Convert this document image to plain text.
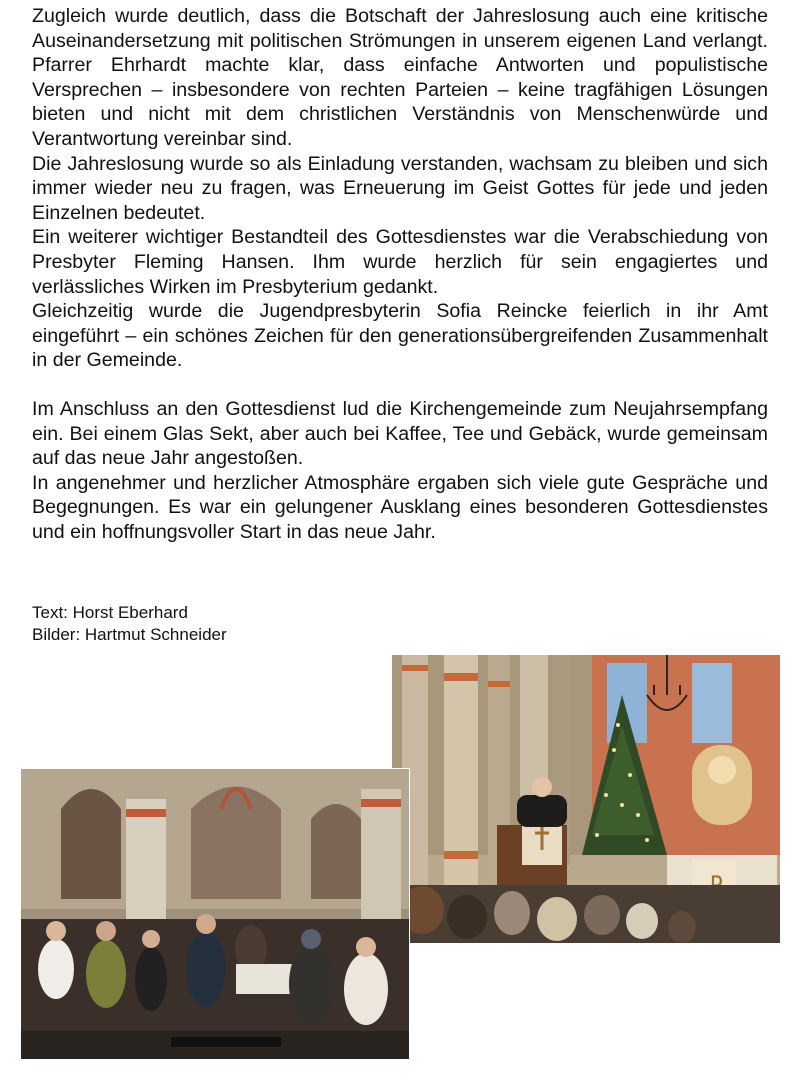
Zugleich wurde deutlich, dass die Botschaft der Jahreslosung auch eine kritische Auseinandersetzung mit politischen Strömungen in unserem eigenen Land verlangt. Pfarrer Ehrhardt machte klar, dass einfache Antworten und populistische Versprechen – insbesondere von rechten Parteien – keine tragfähigen Lösungen bieten und nicht mit dem christlichen Verständnis von Menschenwürde und Verantwortung vereinbar sind.

Die Jahreslosung wurde so als Einladung verstanden, wachsam zu bleiben und sich immer wieder neu zu fragen, was Erneuerung im Geist Gottes für jede und jeden Einzelnen bedeutet.

Ein weiterer wichtiger Bestandteil des Gottesdienstes war die Verabschiedung von Presbyter Fleming Hansen. Ihm wurde herzlich für sein engagiertes und verlässliches Wirken im Presbyterium gedankt.

Gleichzeitig wurde die Jugendpresbyterin Sofia Reincke feierlich in ihr Amt eingeführt – ein schönes Zeichen für den generationsübergreifenden Zusammenhalt in der Gemeinde.

Im Anschluss an den Gottesdienst lud die Kirchengemeinde zum Neujahrsempfang ein. Bei einem Glas Sekt, aber auch bei Kaffee, Tee und Gebäck, wurde gemeinsam auf das neue Jahr angestoßen.

In angenehmer und herzlicher Atmosphäre ergaben sich viele gute Gespräche und Begegnungen. Es war ein gelungener Ausklang eines besonderen Gottesdienstes und ein hoffnungsvoller Start in das neue Jahr.

Text: Horst Eberhard
Bilder: Hartmut Schneider
